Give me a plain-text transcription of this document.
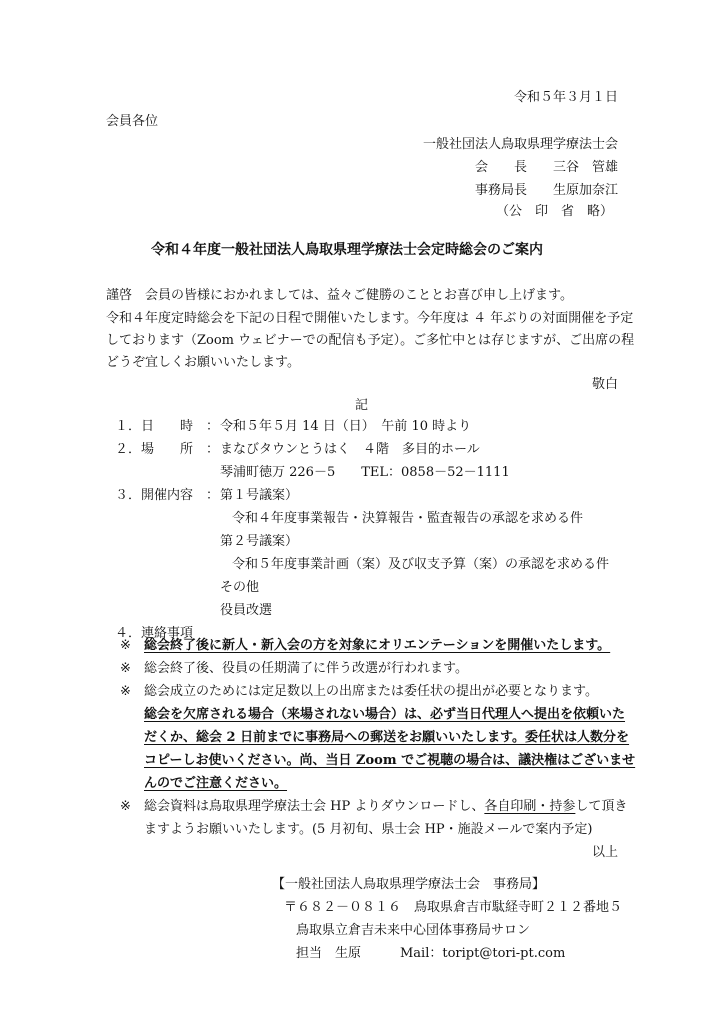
令和５年３月１日
会員各位
一般社団法人鳥取県理学療法士会
会　　長　　三谷　管雄
事務局長　　生原加奈江
（公　印　省　略）
令和４年度一般社団法人鳥取県理学療法士会定時総会のご案内
謹啓　会員の皆様におかれましては、益々ご健勝のこととお喜び申し上げます。
令和４年度定時総会を下記の日程で開催いたします。今年度は ４ 年ぶりの対面開催を予定
しております（Zoom ウェビナーでの配信も予定）。ご多忙中とは存じますが、ご出席の程
どうぞ宜しくお願いいたします。
敬白
記
１．日　　時　： 令和５年５月 14 日（日）　午前 10 時より
２．場　　所　： まなびタウンとうはく　４階　多目的ホール
琴浦町徳万 226－5　　TEL：0858－52－1111
３．開催内容　： 第１号議案）
令和４年度事業報告・決算報告・監査報告の承認を求める件
第２号議案）
令和５年度事業計画（案）及び収支予算（案）の承認を求める件
その他
役員改選
４．連絡事項
※ 総会終了後に新人・新入会の方を対象にオリエンテーションを開催いたします。
※ 総会終了後、役員の任期満了に伴う改選が行われます。
※ 総会成立のためには定足数以上の出席または委任状の提出が必要となります。
総会を欠席される場合（来場されない場合）は、必ず当日代理人へ提出を依頼いた
だくか、総会 2 日前までに事務局への郵送をお願いいたします。委任状は人数分を
コピーしお使いください。尚、当日 Zoom でご視聴の場合は、議決権はございませ
んのでご注意ください。
※ 総会資料は鳥取県理学療法士会 HP よりダウンロードし、各自印刷・持参して頂き
ますようお願いいたします。(5 月初旬、県士会 HP・施設メールで案内予定)
以上
【一般社団法人鳥取県理学療法士会　事務局】
〒６８２－０８１６　鳥取県倉吉市駄経寺町２１２番地５
鳥取県立倉吉未来中心団体事務局サロン
担当　生原　　　Mail：toript@tori-pt.com
